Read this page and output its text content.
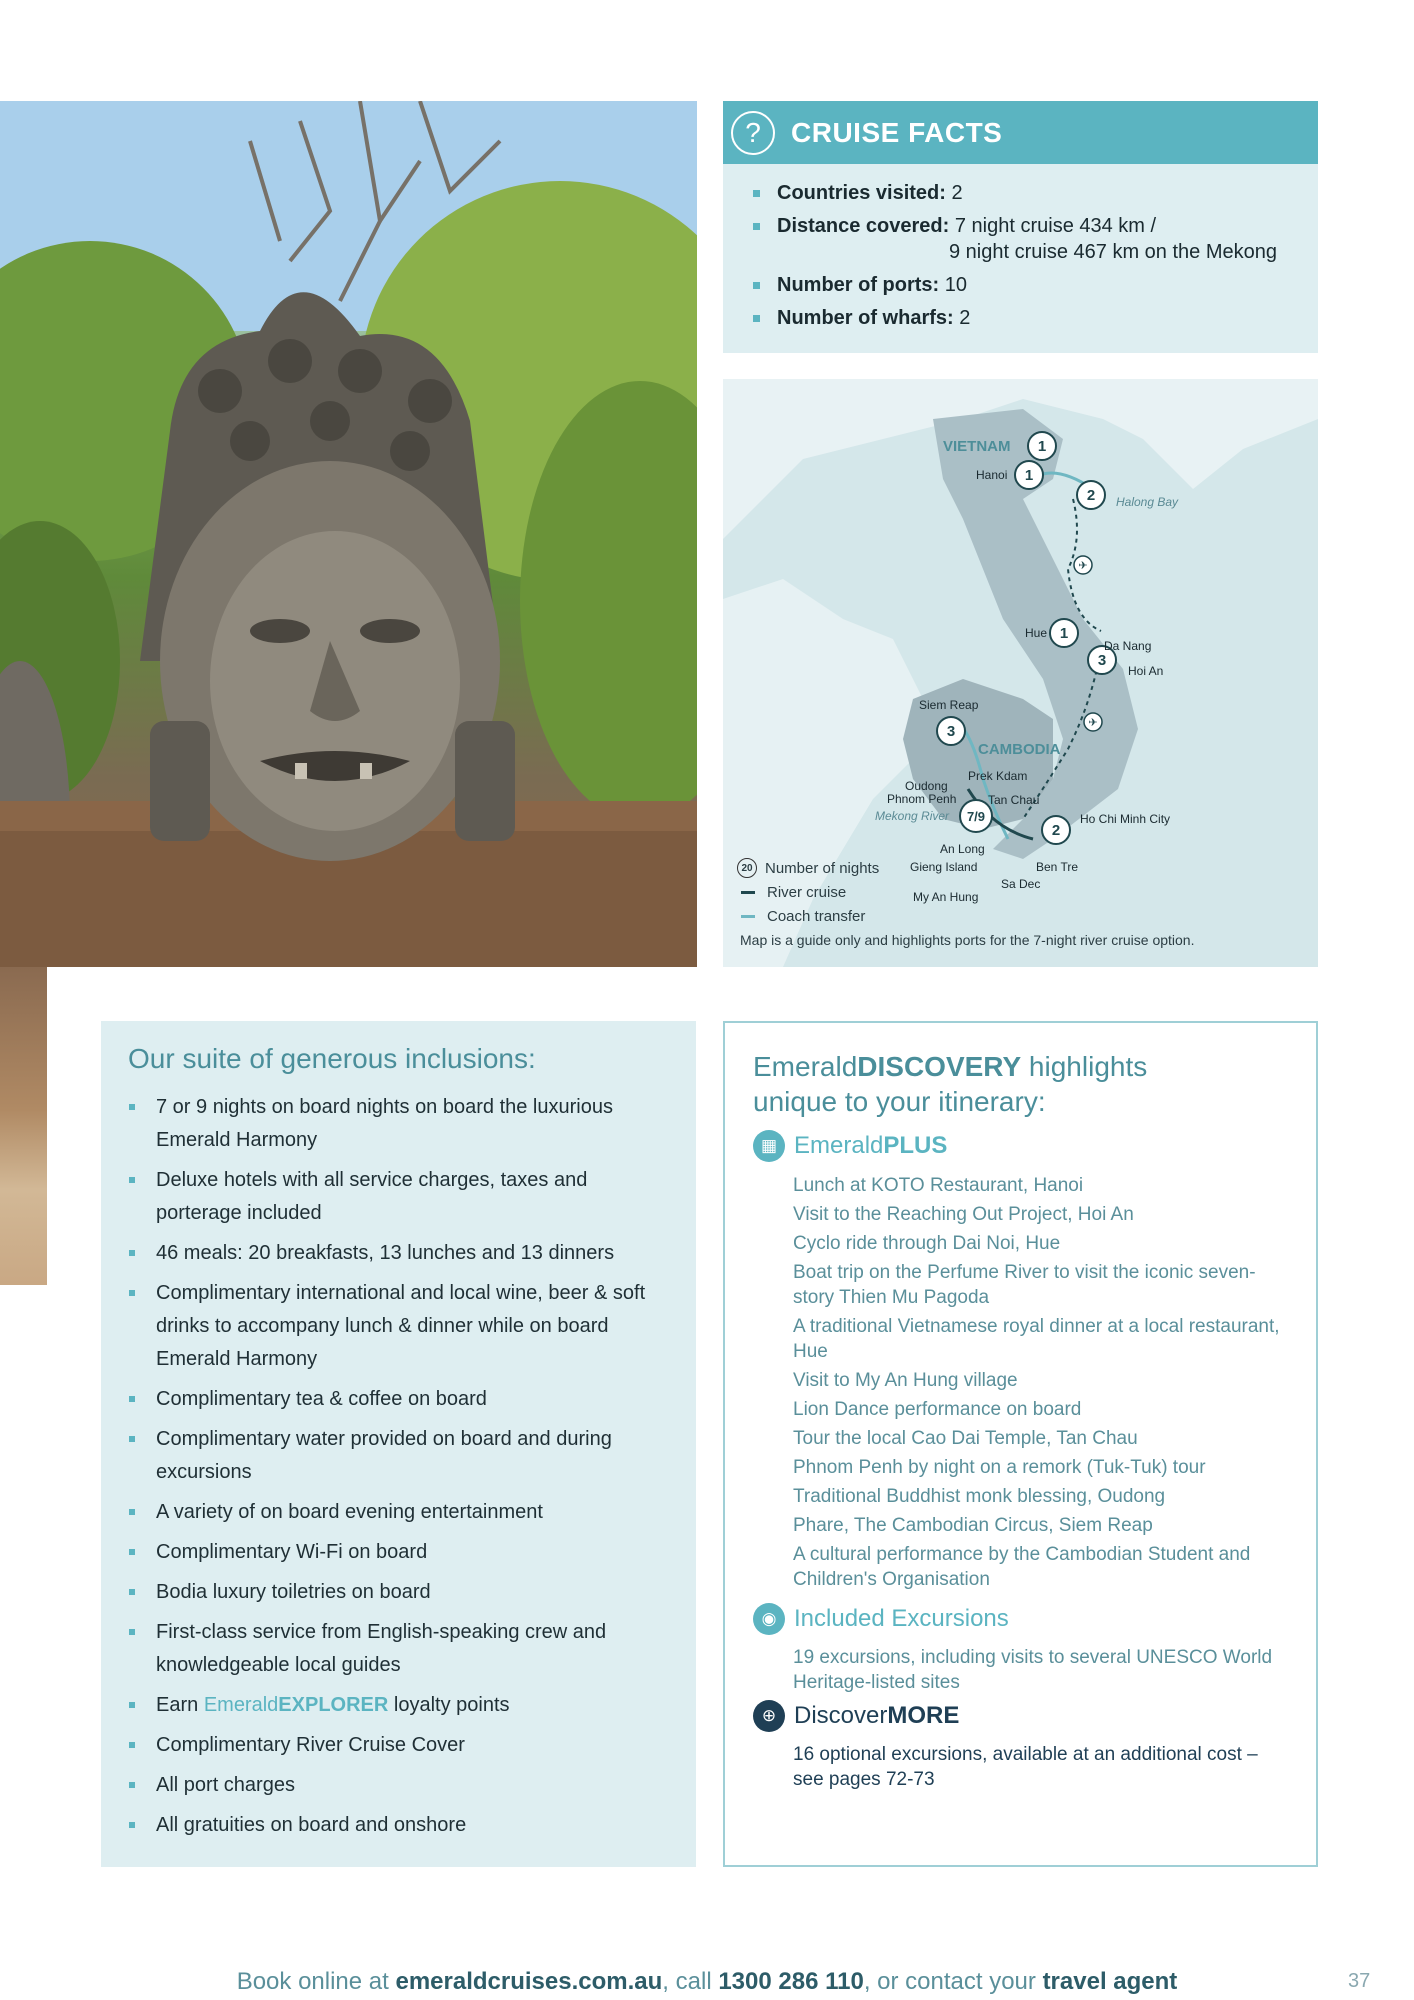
?	CRUISE FACTS
Countries visited: 2
Distance covered: 7 night cruise 434 km /
9 night cruise 467 km on the Mekong
Number of ports: 10
Number of wharfs: 2
✈
✈
1
1
2
1
3
3
7/9
2
VIETNAM
CAMBODIA
Hanoi
Halong Bay
Hue
Da Nang
Hoi An
Siem Reap
Oudong
Prek Kdam
Phnom Penh	Tan Chau
Mekong River	Ho Chi Minh City
An Long
Gieng Island	Ben Tre
Sa Dec
My An Hung
20 Number of nights
River cruise
Coach transfer
Map is a guide only and highlights ports for the 7-night river cruise option.
Our suite of generous inclusions:
7 or 9 nights on board nights on board the luxurious Emerald Harmony
Deluxe hotels with all service charges, taxes and porterage included
46 meals: 20 breakfasts, 13 lunches and 13 dinners
Complimentary international and local wine, beer & soft drinks to accompany lunch & dinner while on board Emerald Harmony
Complimentary tea & coffee on board
Complimentary water provided on board and during excursions
A variety of on board evening entertainment
Complimentary Wi-Fi on board
Bodia luxury toiletries on board
First-class service from English-speaking crew and knowledgeable local guides
Earn EmeraldEXPLORER loyalty points
Complimentary River Cruise Cover
All port charges
All gratuities on board and onshore
EmeraldDISCOVERY highlights
unique to your itinerary:
▦ Emerald PLUS
Lunch at KOTO Restaurant, Hanoi
Visit to the Reaching Out Project, Hoi An
Cyclo ride through Dai Noi, Hue
Boat trip on the Perfume River to visit the iconic seven-story Thien Mu Pagoda
A traditional Vietnamese royal dinner at a local restaurant, Hue
Visit to My An Hung village
Lion Dance performance on board
Tour the local Cao Dai Temple, Tan Chau
Phnom Penh by night on a remork (Tuk-Tuk) tour
Traditional Buddhist monk blessing, Oudong
Phare, The Cambodian Circus, Siem Reap
A cultural performance by the Cambodian Student and Children's Organisation
◉ Included Excursions
19 excursions, including visits to several UNESCO World Heritage-listed sites
⊕ Discover MORE
16 optional excursions, available at an additional cost – see pages 72-73
Book online at emeraldcruises.com.au, call 1300 286 110, or contact your travel agent	37
